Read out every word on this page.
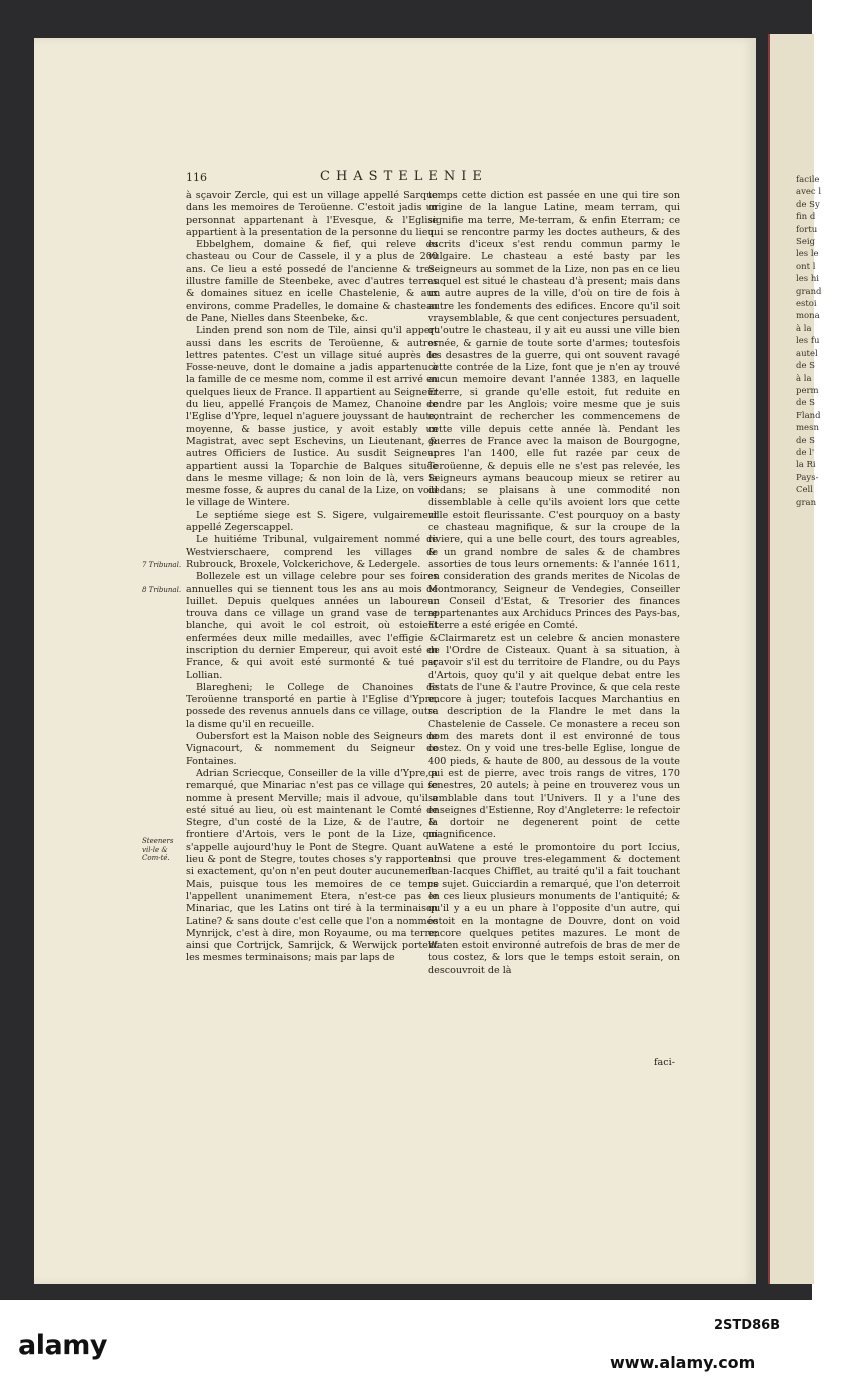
facile
avec l
de Sy
fin d
fortu
Seig
les le
ont l
les hi
grand
estoi
mona
à la
les fu
autel
de S
à la
perm
de S
Fland
mesn
de S
de l'
la Ri
Pays-
Cell
gran
116	CHASTELENIE
7 Tribunal.
8 Tribunal.
Steeners vil-le & Com-té.

à sçavoir Zercle, qui est un village appellé Sarque dans les memoires de Teroüenne. C'estoit jadis un personnat appartenant à l'Evesque, & l'Eglise appartient à la presentation de la personne du lieu.

Ebbelghem, domaine & fief, qui releve du chasteau ou Cour de Cassele, il y a plus de 200 ans. Ce lieu a esté possedé de l'ancienne & tres-illustre famille de Steenbeke, avec d'autres terres & domaines situez en icelle Chastelenie, & aux environs, comme Pradelles, le domaine & chasteau de Pane, Nielles dans Steenbeke, &c.

Linden prend son nom de Tile, ainsi qu'il appert aussi dans les escrits de Teroüenne, & autres lettres patentes. C'est un village situé auprès de Fosse-neuve, dont le domaine a jadis appartenu à la famille de ce mesme nom, comme il est arrivé en quelques lieux de France. Il appartient au Seigneur du lieu, appellé François de Mamez, Chanoine de l'Eglise d'Ypre, lequel n'aguere jouyssant de haute, moyenne, & basse justice, y avoit estably un Magistrat, avec sept Eschevins, un Lieutenant, & autres Officiers de Iustice. Au susdit Seigneur appartient aussi la Toparchie de Balques située dans le mesme village; & non loin de là, vers la mesme fosse, & aupres du canal de la Lize, on void le village de Wintere.

Le septiéme siege est S. Sigere, vulgairement appellé Zegerscappel.

Le huitiéme Tribunal, vulgairement nommé de Westvierschaere, comprend les villages de Rubrouck, Broxele, Volckerichove, & Ledergele.

Bollezele est un village celebre pour ses foires annuelles qui se tiennent tous les ans au mois de Iuillet. Depuis quelques années un laboureur trouva dans ce village un grand vase de terre blanche, qui avoit le col estroit, où estoient enfermées deux mille medailles, avec l'effigie & inscription du dernier Empereur, qui avoit esté en France, & qui avoit esté surmonté & tué par Lollian.

Blaregheni; le College de Chanoines de Teroüenne transporté en partie à l'Eglise d'Ypre, possede des revenus annuels dans ce village, outre la disme qu'il en recueille.

Oubersfort est la Maison noble des Seigneurs de Vignacourt, & nommement du Seigneur de Fontaines.

Adrian Scriecque, Conseiller de la ville d'Ypre, a remarqué, que Minariac n'est pas ce village qui se nomme à present Merville; mais il advoue, qu'il a esté situé au lieu, où est maintenant le Comté de Stegre, d'un costé de la Lize, & de l'autre, la frontiere d'Artois, vers le pont de la Lize, qui s'appelle aujourd'huy le Pont de Stegre. Quant au lieu & pont de Stegre, toutes choses s'y rapportent si exactement, qu'on n'en peut douter aucunement. Mais, puisque tous les memoires de ce temps l'appellent unanimement Etera, n'est-ce pas le Minariac, que les Latins ont tiré à la terminaison Latine? & sans doute c'est celle que l'on a nommée Mynrijck, c'est à dire, mon Royaume, ou ma terre; ainsi que Cortrijck, Samrijck, & Werwijck portent les mesmes terminaisons; mais par laps de

temps cette diction est passée en une qui tire son origine de la langue Latine, meam terram, qui signifie ma terre, Me-terram, & enfin Eterram; ce qui se rencontre parmy les doctes autheurs, & des escrits d'iceux s'est rendu commun parmy le vulgaire. Le chasteau a esté basty par les Seigneurs au sommet de la Lize, non pas en ce lieu auquel est situé le chasteau d'à present; mais dans un autre aupres de la ville, d'où on tire de fois à autre les fondements des edifices. Encore qu'il soit vraysemblable, & que cent conjectures persuadent, qu'outre le chasteau, il y ait eu aussi une ville bien ornée, & garnie de toute sorte d'armes; toutesfois les desastres de la guerre, qui ont souvent ravagé cette contrée de la Lize, font que je n'en ay trouvé aucun memoire devant l'année 1383, en laquelle Eterre, si grande qu'elle estoit, fut reduite en cendre par les Anglois; voire mesme que je suis contraint de rechercher les commencemens de cette ville depuis cette année là. Pendant les guerres de France avec la maison de Bourgogne, apres l'an 1400, elle fut razée par ceux de Teroüenne, & depuis elle ne s'est pas relevée, les Seigneurs aymans beaucoup mieux se retirer au dedans; se plaisans à une commodité non dissemblable à celle qu'ils avoient lors que cette ville estoit fleurissante. C'est pourquoy on a basty ce chasteau magnifique, & sur la croupe de la riviere, qui a une belle court, des tours agreables, & un grand nombre de sales & de chambres assorties de tous leurs ornements: & l'année 1611, en consideration des grands merites de Nicolas de Montmorancy, Seigneur de Vendegies, Conseiller au Conseil d'Estat, & Tresorier des finances appartenantes aux Archiducs Princes des Pays-bas, Eterre a esté erigée en Comté.

Clairmaretz est un celebre & ancien monastere de l'Ordre de Cisteaux. Quant à sa situation, à sçavoir s'il est du territoire de Flandre, ou du Pays d'Artois, quoy qu'il y ait quelque debat entre les Estats de l'une & l'autre Province, & que cela reste encore à juger; toutefois Iacques Marchantius en sa description de la Flandre le met dans la Chastelenie de Cassele. Ce monastere a receu son nom des marets dont il est environné de tous costez. On y void une tres-belle Eglise, longue de 400 pieds, & haute de 800, au dessous de la voute qui est de pierre, avec trois rangs de vitres, 170 fenestres, 20 autels; à peine en trouverez vous un semblable dans tout l'Univers. Il y a l'une des enseignes d'Estienne, Roy d'Angleterre: le refectoir & dortoir ne degenerent point de cette magnificence.

Watene a esté le promontoire du port Iccius, ainsi que prouve tres-elegamment & doctement Iean-Iacques Chifflet, au traité qu'il a fait touchant ce sujet. Guicciardin a remarqué, que l'on deterroit en ces lieux plusieurs monuments de l'antiquité; & qu'il y a eu un phare à l'opposite d'un autre, qui estoit en la montagne de Douvre, dont on void encore quelques petites mazures. Le mont de Waten estoit environné autrefois de bras de mer de tous costez, & lors que le temps estoit serain, on descouvroit de là

faci-
alamy
2STD86B
www.alamy.com
